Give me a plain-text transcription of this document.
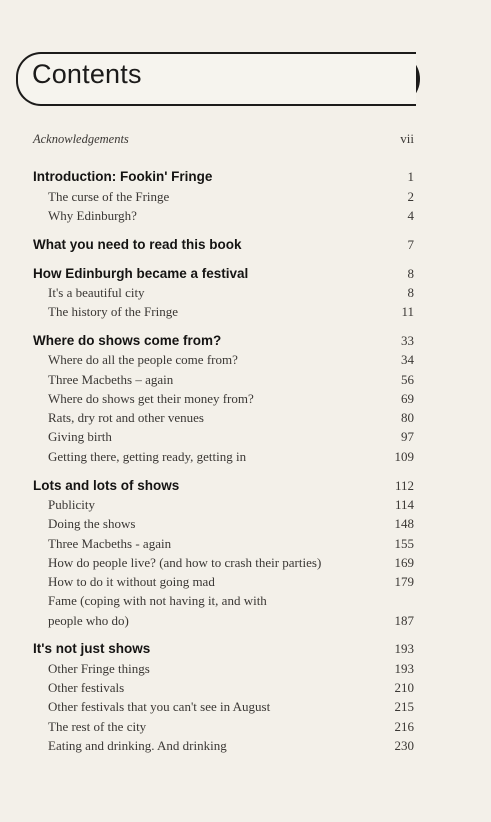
Contents
Acknowledgements	vii
Introduction: Fookin' Fringe	1
The curse of the Fringe	2
Why Edinburgh?	4
What you need to read this book	7
How Edinburgh became a festival	8
It's a beautiful city	8
The history of the Fringe	11
Where do shows come from?	33
Where do all the people come from?	34
Three Macbeths – again	56
Where do shows get their money from?	69
Rats, dry rot and other venues	80
Giving birth	97
Getting there, getting ready, getting in	109
Lots and lots of shows	112
Publicity	114
Doing the shows	148
Three Macbeths - again	155
How do people live? (and how to crash their parties)	169
How to do it without going mad	179
Fame (coping with not having it, and with
people who do)	187
It's not just shows	193
Other Fringe things	193
Other festivals	210
Other festivals that you can't see in August	215
The rest of the city	216
Eating and drinking. And drinking	230
